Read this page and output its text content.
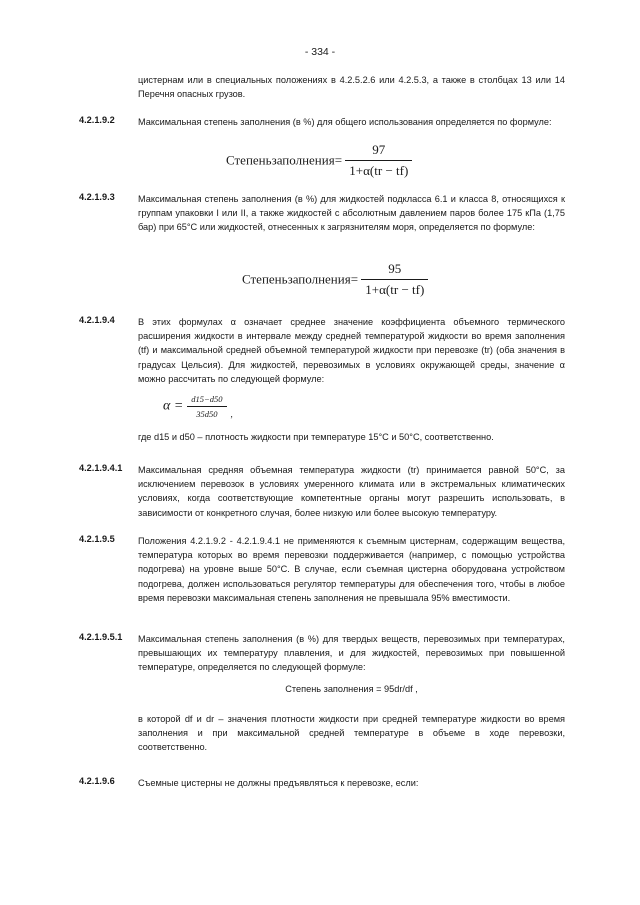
- 334 -
цистернам или в специальных положениях в 4.2.5.2.6 или 4.2.5.3, а также в столбцах 13 или 14 Перечня опасных грузов.
4.2.1.9.2	Максимальная степень заполнения (в %) для общего использования определяется по формуле:
Степеньзаполнения= $\frac{97}{1+\alpha(tr - tf)}$
4.2.1.9.3	Максимальная степень заполнения (в %) для жидкостей подкласса 6.1 и класса 8, относящихся к группам упаковки I или II, а также жидкостей с абсолютным давлением паров более 175 кПа (1,75 бар) при 65°C или жидкостей, отнесенных к загрязнителям моря, определяется по формуле:
Степеньзаполнения= $\frac{95}{1+\alpha(tr - tf)}$
4.2.1.9.4	В этих формулах α означает среднее значение коэффициента объемного термического расширения жидкости в интервале между средней температурой жидкости во время заполнения (tf) и максимальной средней объемной температурой жидкости при перевозке (tr) (оба значения в градусах Цельсия). Для жидкостей, перевозимых в условиях окружающей среды, значение α можно рассчитать по следующей формуле:
$\alpha = \frac{d15-d50}{35d50}$ ,
где d15 и d50 – плотность жидкости при температуре 15°C и 50°C, соответственно.
4.2.1.9.4.1 Максимальная средняя объемная температура жидкости (tr) принимается равной 50°C, за исключением перевозок в условиях умеренного климата или в экстремальных климатических условиях, когда соответствующие компетентные органы могут разрешить использовать, в зависимости от конкретного случая, более низкую или более высокую температуру.
4.2.1.9.5	Положения 4.2.1.9.2 - 4.2.1.9.4.1 не применяются к съемным цистернам, содержащим вещества, температура которых во время перевозки поддерживается (например, с помощью устройства подогрева) на уровне выше 50°C. В случае, если съемная цистерна оборудована устройством подогрева, должен использоваться регулятор температуры для обеспечения того, чтобы в любое время перевозки максимальная степень заполнения не превышала 95% вместимости.
4.2.1.9.5.1 Максимальная степень заполнения (в %) для твердых веществ, перевозимых при температурах, превышающих их температуру плавления, и для жидкостей, перевозимых при повышенной температуре, определяется по следующей формуле:
Степень заполнения = 95dr/df ,
в которой df и dr – значения плотности жидкости при средней температуре жидкости во время заполнения и при максимальной средней температуре в объеме в ходе перевозки, соответственно.
4.2.1.9.6	Съемные цистерны не должны предъявляться к перевозке, если:
